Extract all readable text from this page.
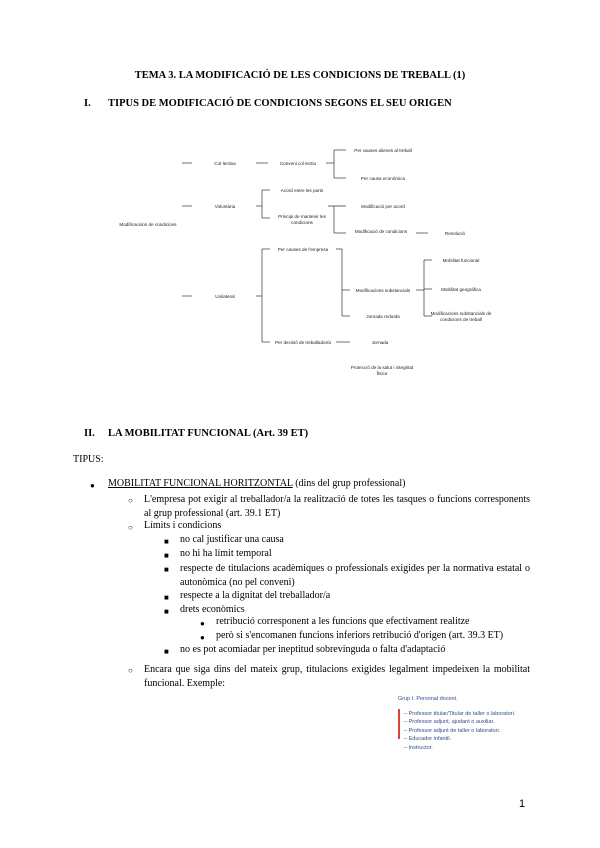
TEMA 3. LA MODIFICACIÓ DE LES CONDICIONS DE TREBALL (1)
I. TIPUS DE MODIFICACIÓ DE CONDICIONS SEGONS EL SEU ORIGEN
Modificacions de condicions
Col·lectiva
Voluntària
Unilateral
Conveni col·lectiu
Acord entre les parts
Principi de mantenir les condicions
Per causes de l'empresa
Per decisió de treballador/a
Per causes alienes al treball
Per causa econòmica
Modificació per acord
Modificació de condicions
Modificacions substancials
Jornada reduïda
Jornada
Protecció de la salut i integritat física
Mobilitat funcional
Mobilitat geogràfica
Modificacions substancials de condicions de treball
Resolució
II. LA MOBILITAT FUNCIONAL (Art. 39 ET)
TIPUS:
● MOBILITAT FUNCIONAL HORITZONTAL (dins del grup professional)
○ L'empresa pot exigir al treballador/a la realització de totes les tasques o funcions corresponents al grup professional (art. 39.1 ET)
○ Límits i condicions
■ no cal justificar una causa
■ no hi ha límit temporal
■ respecte de titulacions acadèmiques o professionals exigides per la normativa estatal o autonòmica (no pel conveni)
■ respecte a la dignitat del treballador/a
■ drets econòmics
● retribució corresponent a les funcions que efectivament realitze
● però si s'encomanen funcions inferiors retribució d'origen (art. 39.3 ET)
■ no es pot acomiadar per ineptitud sobrevinguda o falta d'adaptació
○ Encara que siga dins del mateix grup, titulacions exigides legalment impedeixen la mobilitat funcional. Exemple:
Grup I. Personal docent.
– Professor titular/Titular de taller o laboratori.
– Professor adjunt, ajudant o auxiliar.
– Professor adjunt de taller o laboratori.
– Educador infantil.
– Instructor.
1
